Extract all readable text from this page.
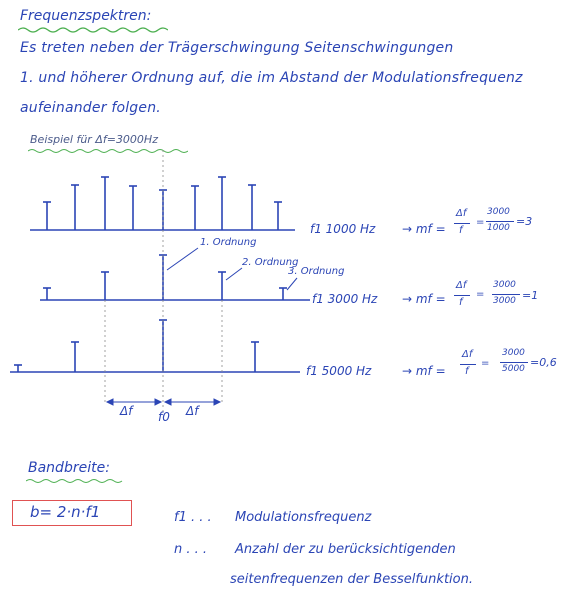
Frequenzspektren:
Es treten neben der Trägerschwingung Seitenschwingungen
1. und höherer Ordnung auf, die im Abstand der Modulationsfrequenz
aufeinander folgen.
Beispiel für Δf=3000Hz
1. Ordnung
2. Ordnung
3. Ordnung
Δf f0 Δf
f1 1000 Hz → mf =
Δf
f
=
3000
1000 =3
f1 3000 Hz → mf =
Δf
f
=
3000
3000 =1
f1 5000 Hz	→ mf =
Δf
f
=
3000
5000 =0,6
Bandbreite:
b= 2·n·f1	f1 . . . Modulationsfrequenz
n . . . Anzahl der zu berücksichtigenden
seitenfrequenzen der Besselfunktion.
